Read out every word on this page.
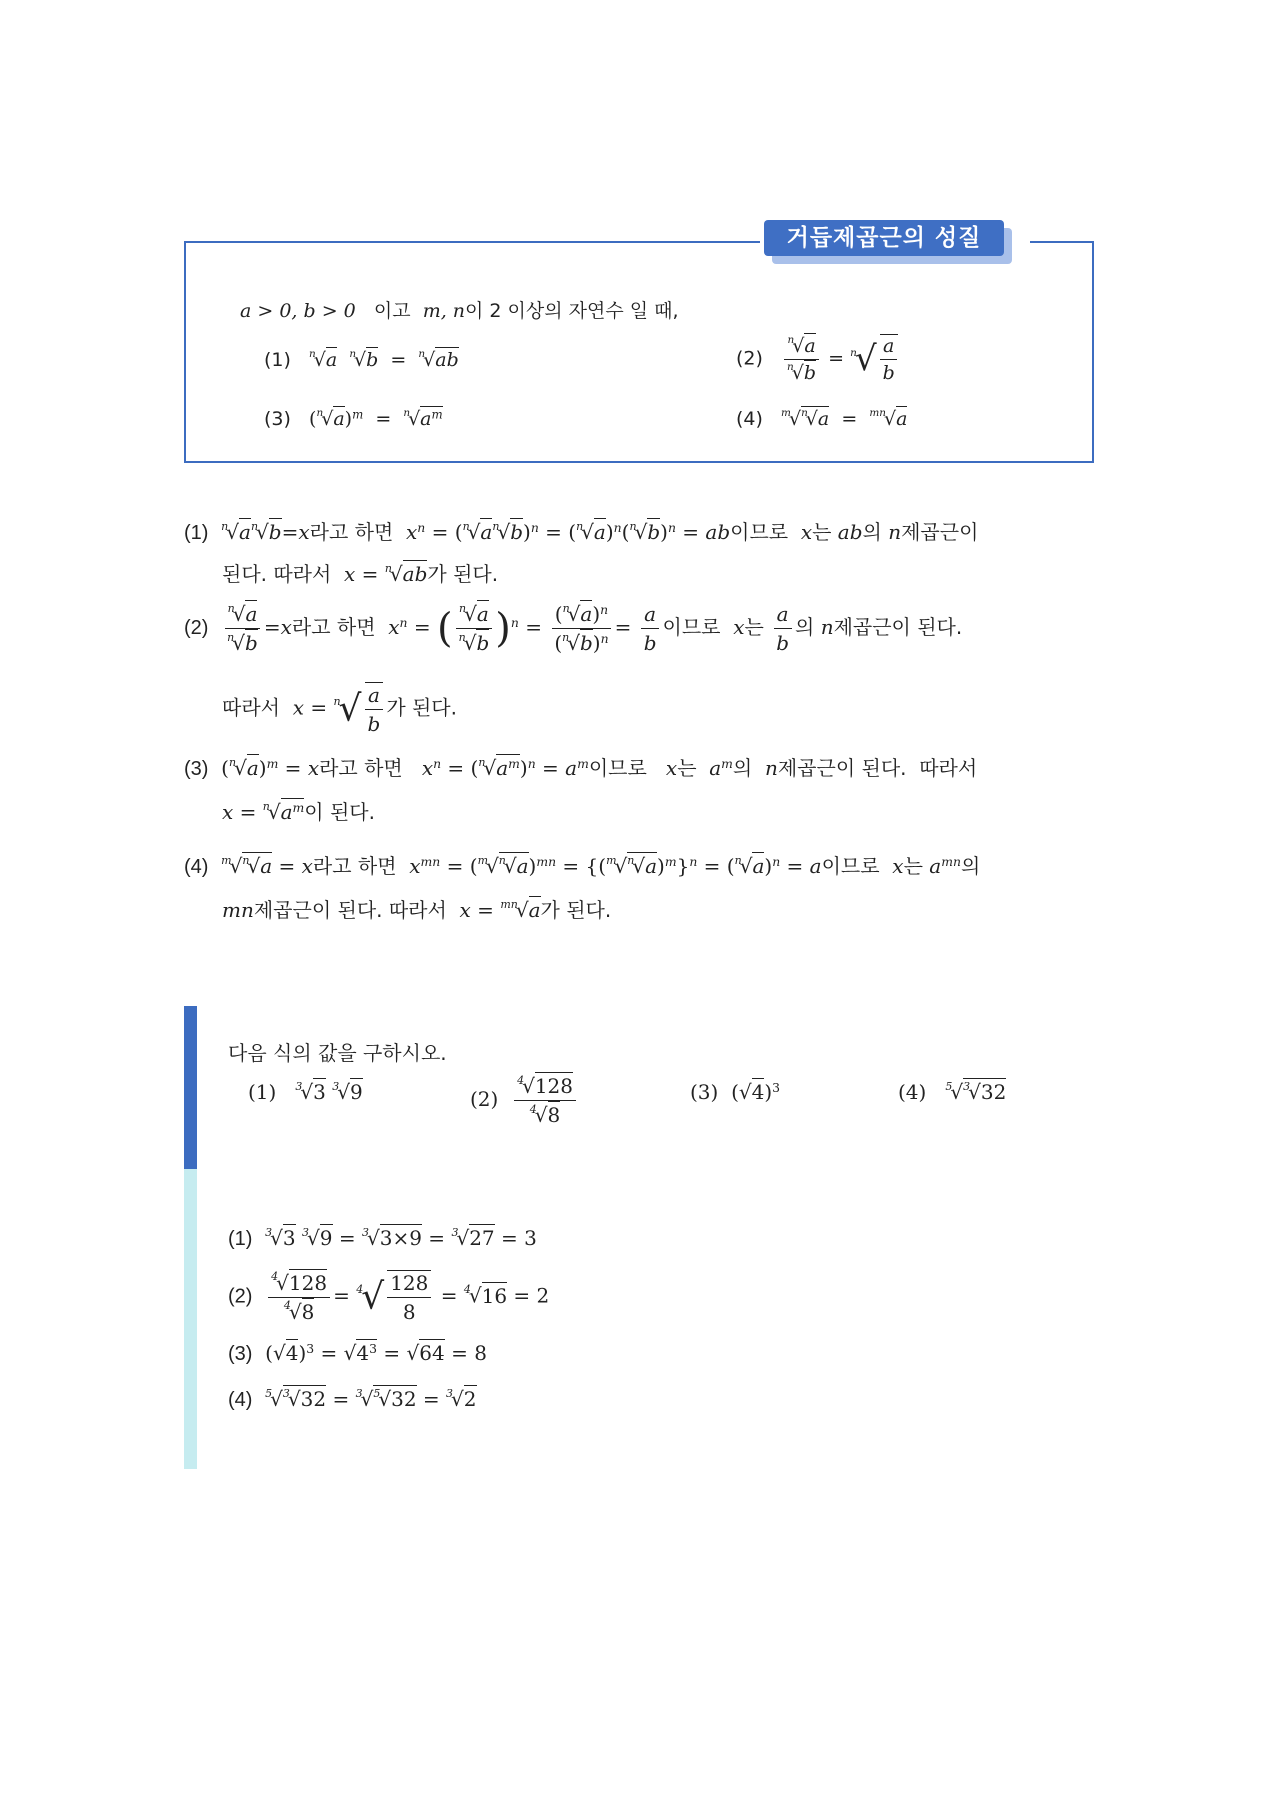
거듭제곱근의 성질
a > 0, b > 0 이고 m, n이 2 이상의 자연수 일 때,
(1) $^n$√a $^n$√b  =  $^n$√ab	$(2) \frac{^n√a}{^n√b} = ^n√ \frac{a}{b}$
(3) $(^n√a)^m = ^n√a^m$	(4) $^m$√$^n$√a  =  $^{mn}$√a
(1) $^n√a^n√b=x$라고 하면 $x^n = (^n√a^n√b)^n = (^n√a)^n(^n√b)^n$ = ab이므로 x는 ab의 n제곱근이
된다. 따라서 x = $^n$√ab가 된다.
$(2) \frac{^n√a}{^n√b} =x$라고 하면 $x^n$ = ( $\frac{^n√a}{^n√b} )^n = \frac{(^n√a)^n}{(^n√b)^n} = \frac{a}{b}$ 이므로 x는 $\frac{a}{b}$ 의 n제곱근이 된다.
따라서 $x = ^n√ \frac{a}{b}$ 가 된다.
(3) $(^n√a)^m = x$라고 하면 $x^n = (^n√a^m)^n = a^m$이므로 x는 $a^m$의 n제곱근이 된다. 따라서
$x = ^n√a^m$이 된다.
(4) $^m$√$^n$√a = x라고 하면 $x^{mn} = (^m√^n√a)^{mn} = \{(^m√^n√a)^m\}^n = (^n√a)^n = a$이므로 x는 $a^{mn}$의
mn제곱근이 된다. 따라서 x = $^{mn}$√a가 된다.
다음 식의 값을 구하시오.
(1) $^3$√3 $^3$√9	$(2) \frac{^4√128}{^4√8}$	(3) $(√4)^3$	(4) $^5$√$^3$√32
(1) $^3$√3 $^3$√9 = $^3$√3×9 = $^3$√27 = 3
$(2) \frac{^4√128}{^4√8} = ^4√ \frac{128}{8} = ^4√16 = 2$
(3) $(√4)^3 = √4^3 = √64 = 8$
(4) $^5$√$^3$√32 = $^3$√$^5$√32 = $^3$√2
